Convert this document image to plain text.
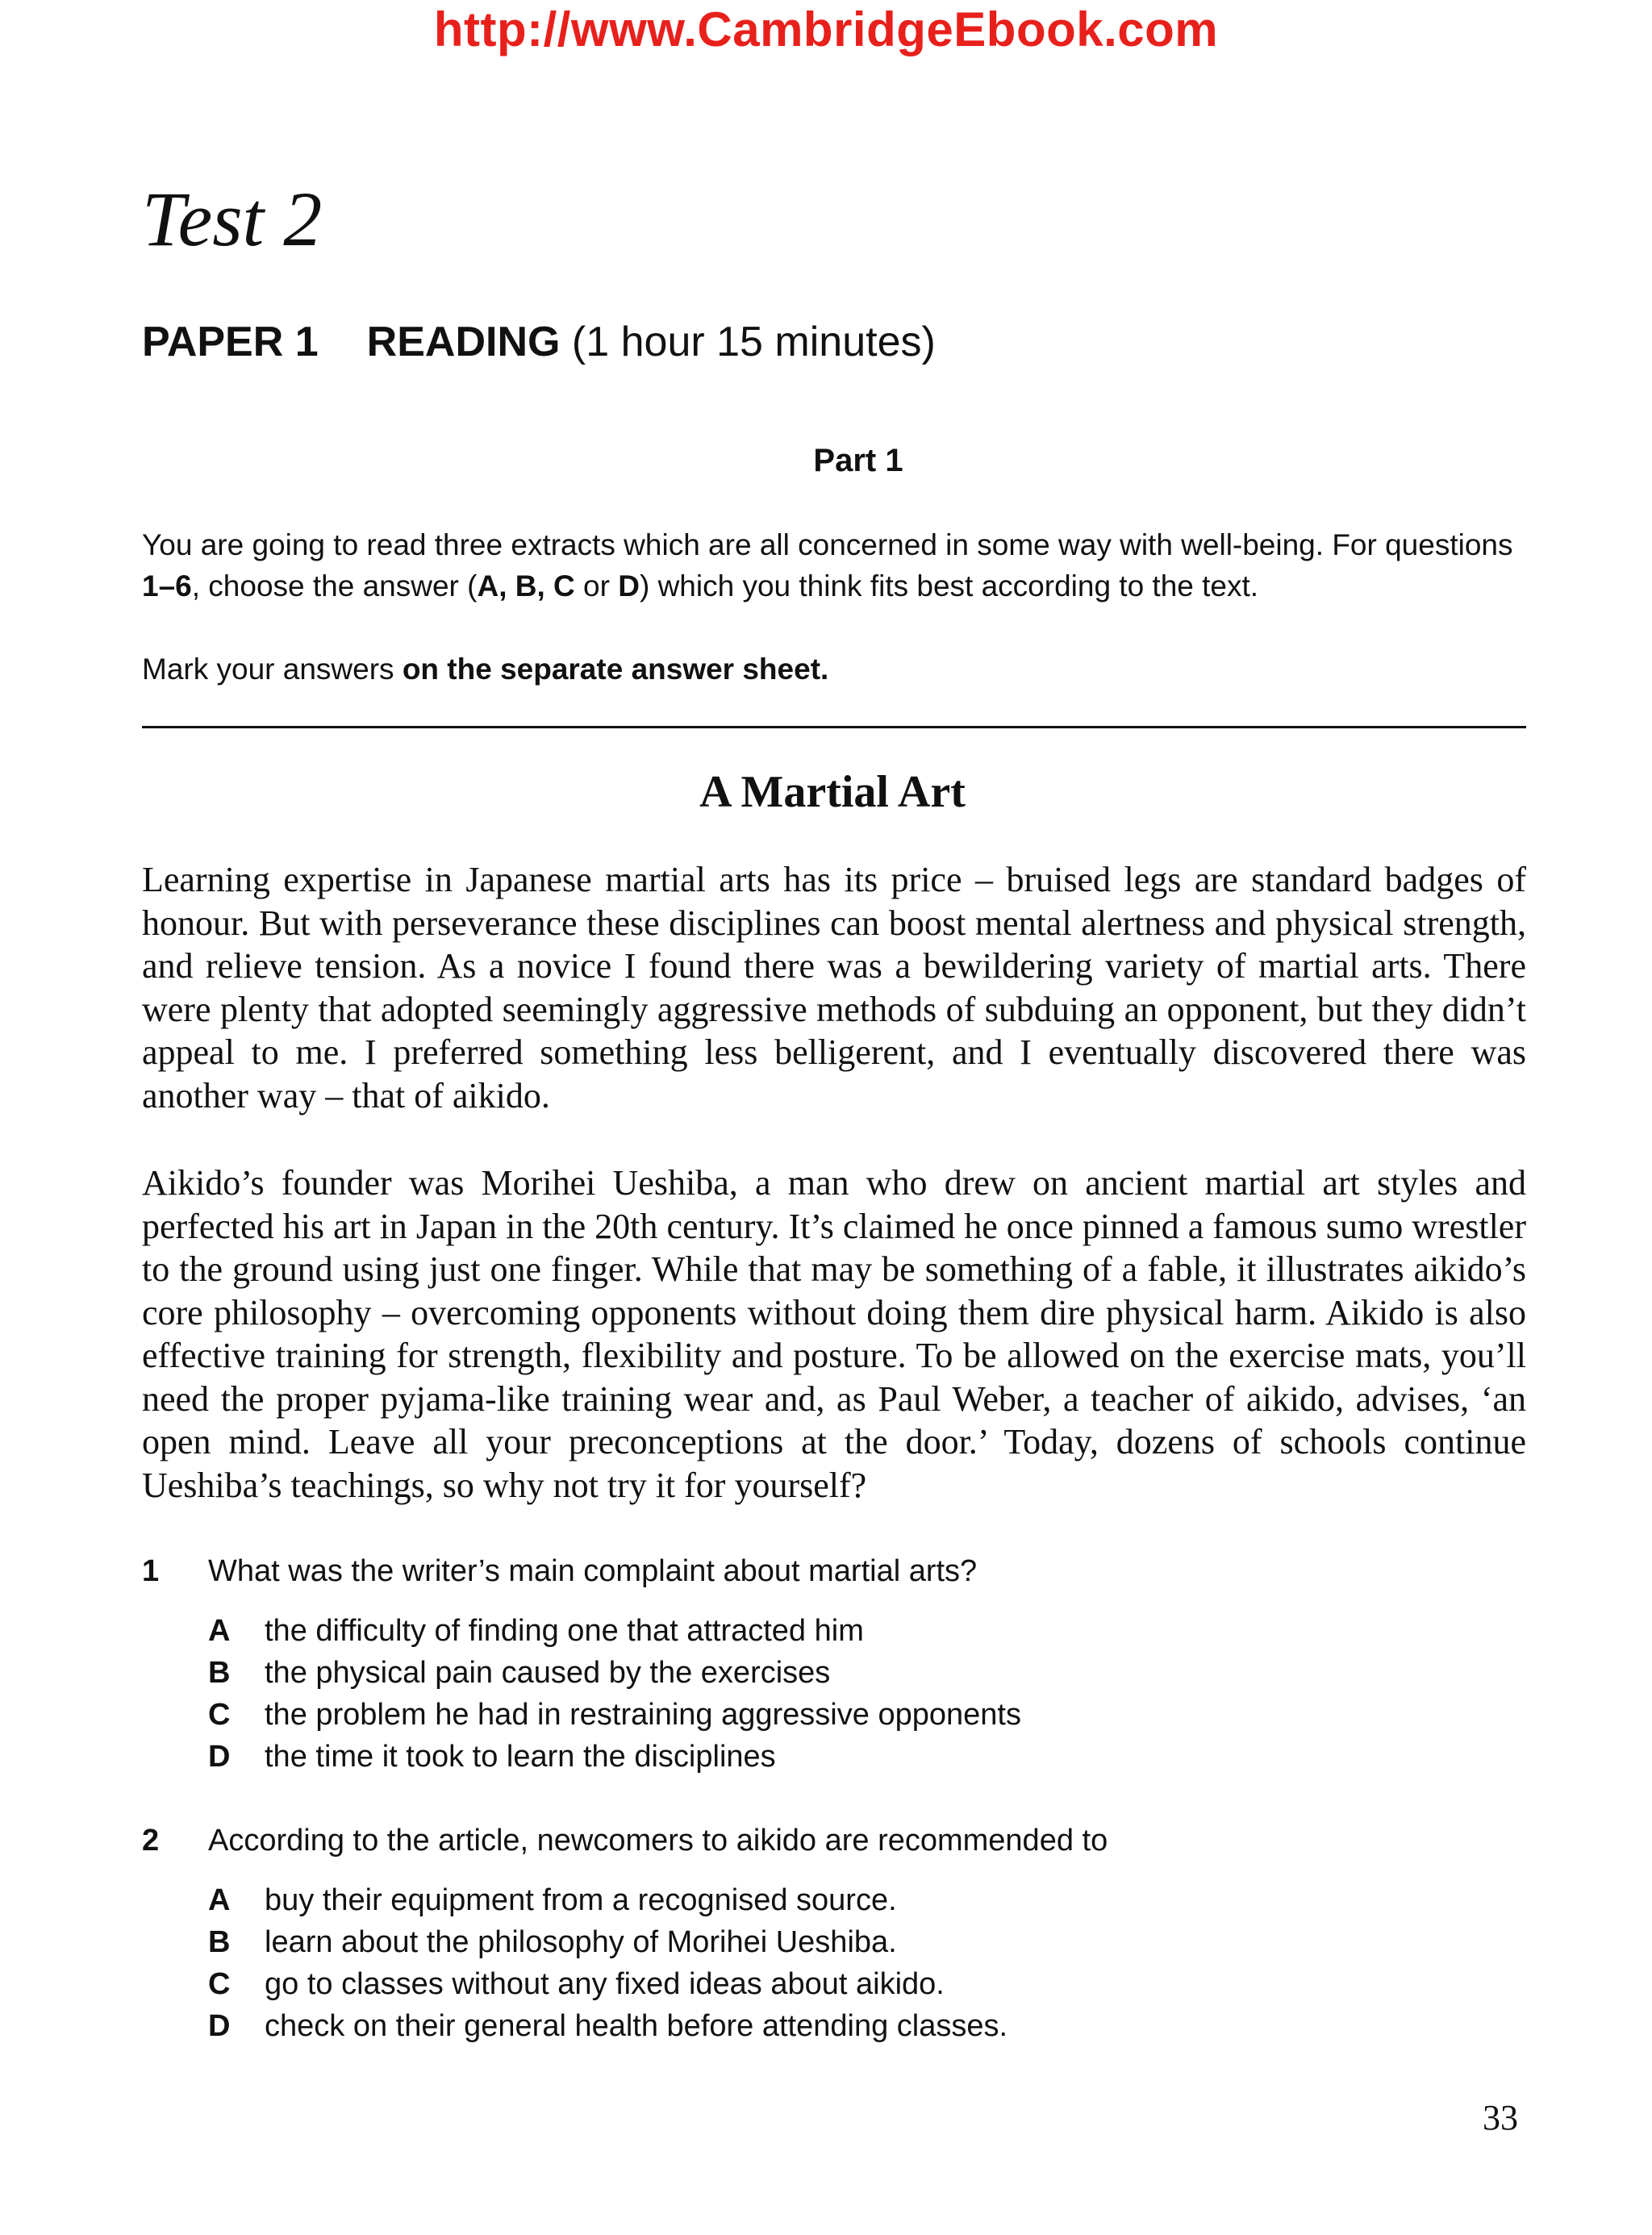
http://www.CambridgeEbook.com
Test 2
PAPER 1 READING (1 hour 15 minutes)
Part 1

You are going to read three extracts which are all concerned in some way with well-being. For questions 1–6, choose the answer (A, B, C or D) which you think fits best according to the text.

Mark your answers on the separate answer sheet.

A Martial Art

Learning expertise in Japanese martial arts has its price – bruised legs are standard badges of honour. But with perseverance these disciplines can boost mental alertness and physical strength, and relieve tension. As a novice I found there was a bewildering variety of martial arts. There were plenty that adopted seemingly aggressive methods of subduing an opponent, but they didn’t appeal to me. I preferred something less belligerent, and I eventually discovered there was another way – that of aikido.

Aikido’s founder was Morihei Ueshiba, a man who drew on ancient martial art styles and perfected his art in Japan in the 20th century. It’s claimed he once pinned a famous sumo wrestler to the ground using just one finger. While that may be something of a fable, it illustrates aikido’s core philosophy – overcoming opponents without doing them dire physical harm. Aikido is also effective training for strength, flexibility and posture. To be allowed on the exercise mats, you’ll need the proper pyjama-like training wear and, as Paul Weber, a teacher of aikido, advises, ‘an open mind. Leave all your preconceptions at the door.’ Today, dozens of schools continue Ueshiba’s teachings, so why not try it for yourself?

1 What was the writer’s main complaint about martial arts?
A the difficulty of finding one that attracted him
B the physical pain caused by the exercises
C the problem he had in restraining aggressive opponents
D the time it took to learn the disciplines
2 According to the article, newcomers to aikido are recommended to
A buy their equipment from a recognised source.
B learn about the philosophy of Morihei Ueshiba.
C go to classes without any fixed ideas about aikido.
D check on their general health before attending classes.
33
